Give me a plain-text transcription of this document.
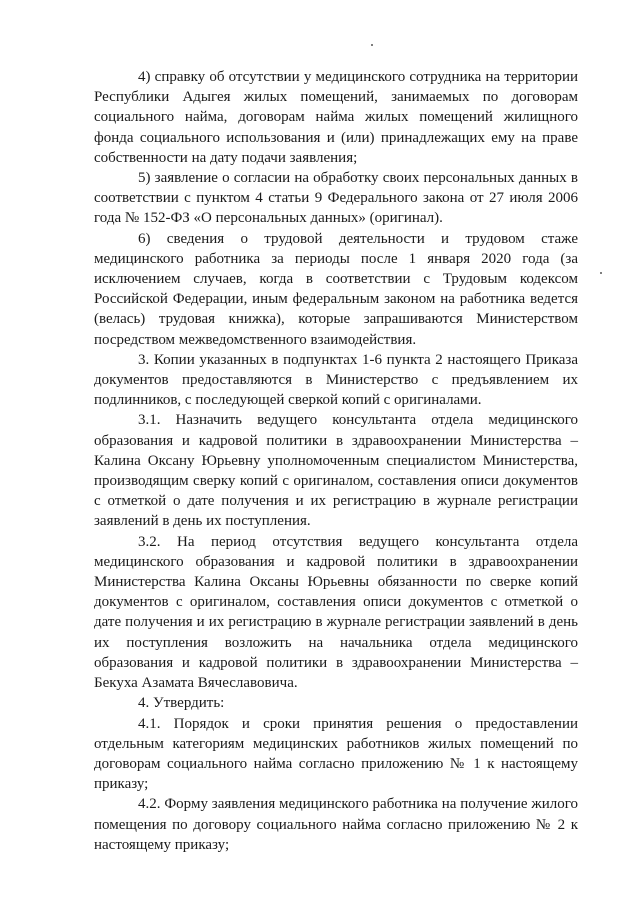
4) справку об отсутствии у медицинского сотрудника на территории Республики Адыгея жилых помещений, занимаемых по договорам социального найма, договорам найма жилых помещений жилищного фонда социального использования и (или) принадлежащих ему на праве собственности на дату подачи заявления;

5) заявление о согласии на обработку своих персональных данных в соответствии с пунктом 4 статьи 9 Федерального закона от 27 июля 2006 года № 152-ФЗ «О персональных данных» (оригинал).

6) сведения о трудовой деятельности и трудовом стаже медицинского работника за периоды после 1 января 2020 года (за исключением случаев, когда в соответствии с Трудовым кодексом Российской Федерации, иным федеральным законом на работника ведется (велась) трудовая книжка), которые запрашиваются Министерством посредством межведомственного взаимодействия.

3. Копии указанных в подпунктах 1-6 пункта 2 настоящего Приказа документов предоставляются в Министерство с предъявлением их подлинников, с последующей сверкой копий с оригиналами.

3.1. Назначить ведущего консультанта отдела медицинского образования и кадровой политики в здравоохранении Министерства – Калина Оксану Юрьевну уполномоченным специалистом Министерства, производящим сверку копий с оригиналом, составления описи документов с отметкой о дате получения и их регистрацию в журнале регистрации заявлений в день их поступления.

3.2. На период отсутствия ведущего консультанта отдела медицинского образования и кадровой политики в здравоохранении Министерства Калина Оксаны Юрьевны обязанности по сверке копий документов с оригиналом, составления описи документов с отметкой о дате получения и их регистрацию в журнале регистрации заявлений в день их поступления возложить на начальника отдела медицинского образования и кадровой политики в здравоохранении Министерства – Бекуха Азамата Вячеславовича.

4. Утвердить:

4.1. Порядок и сроки принятия решения о предоставлении отдельным категориям медицинских работников жилых помещений по договорам социального найма согласно приложению № 1 к настоящему приказу;

4.2. Форму заявления медицинского работника на получение жилого помещения по договору социального найма согласно приложению № 2 к настоящему приказу;
